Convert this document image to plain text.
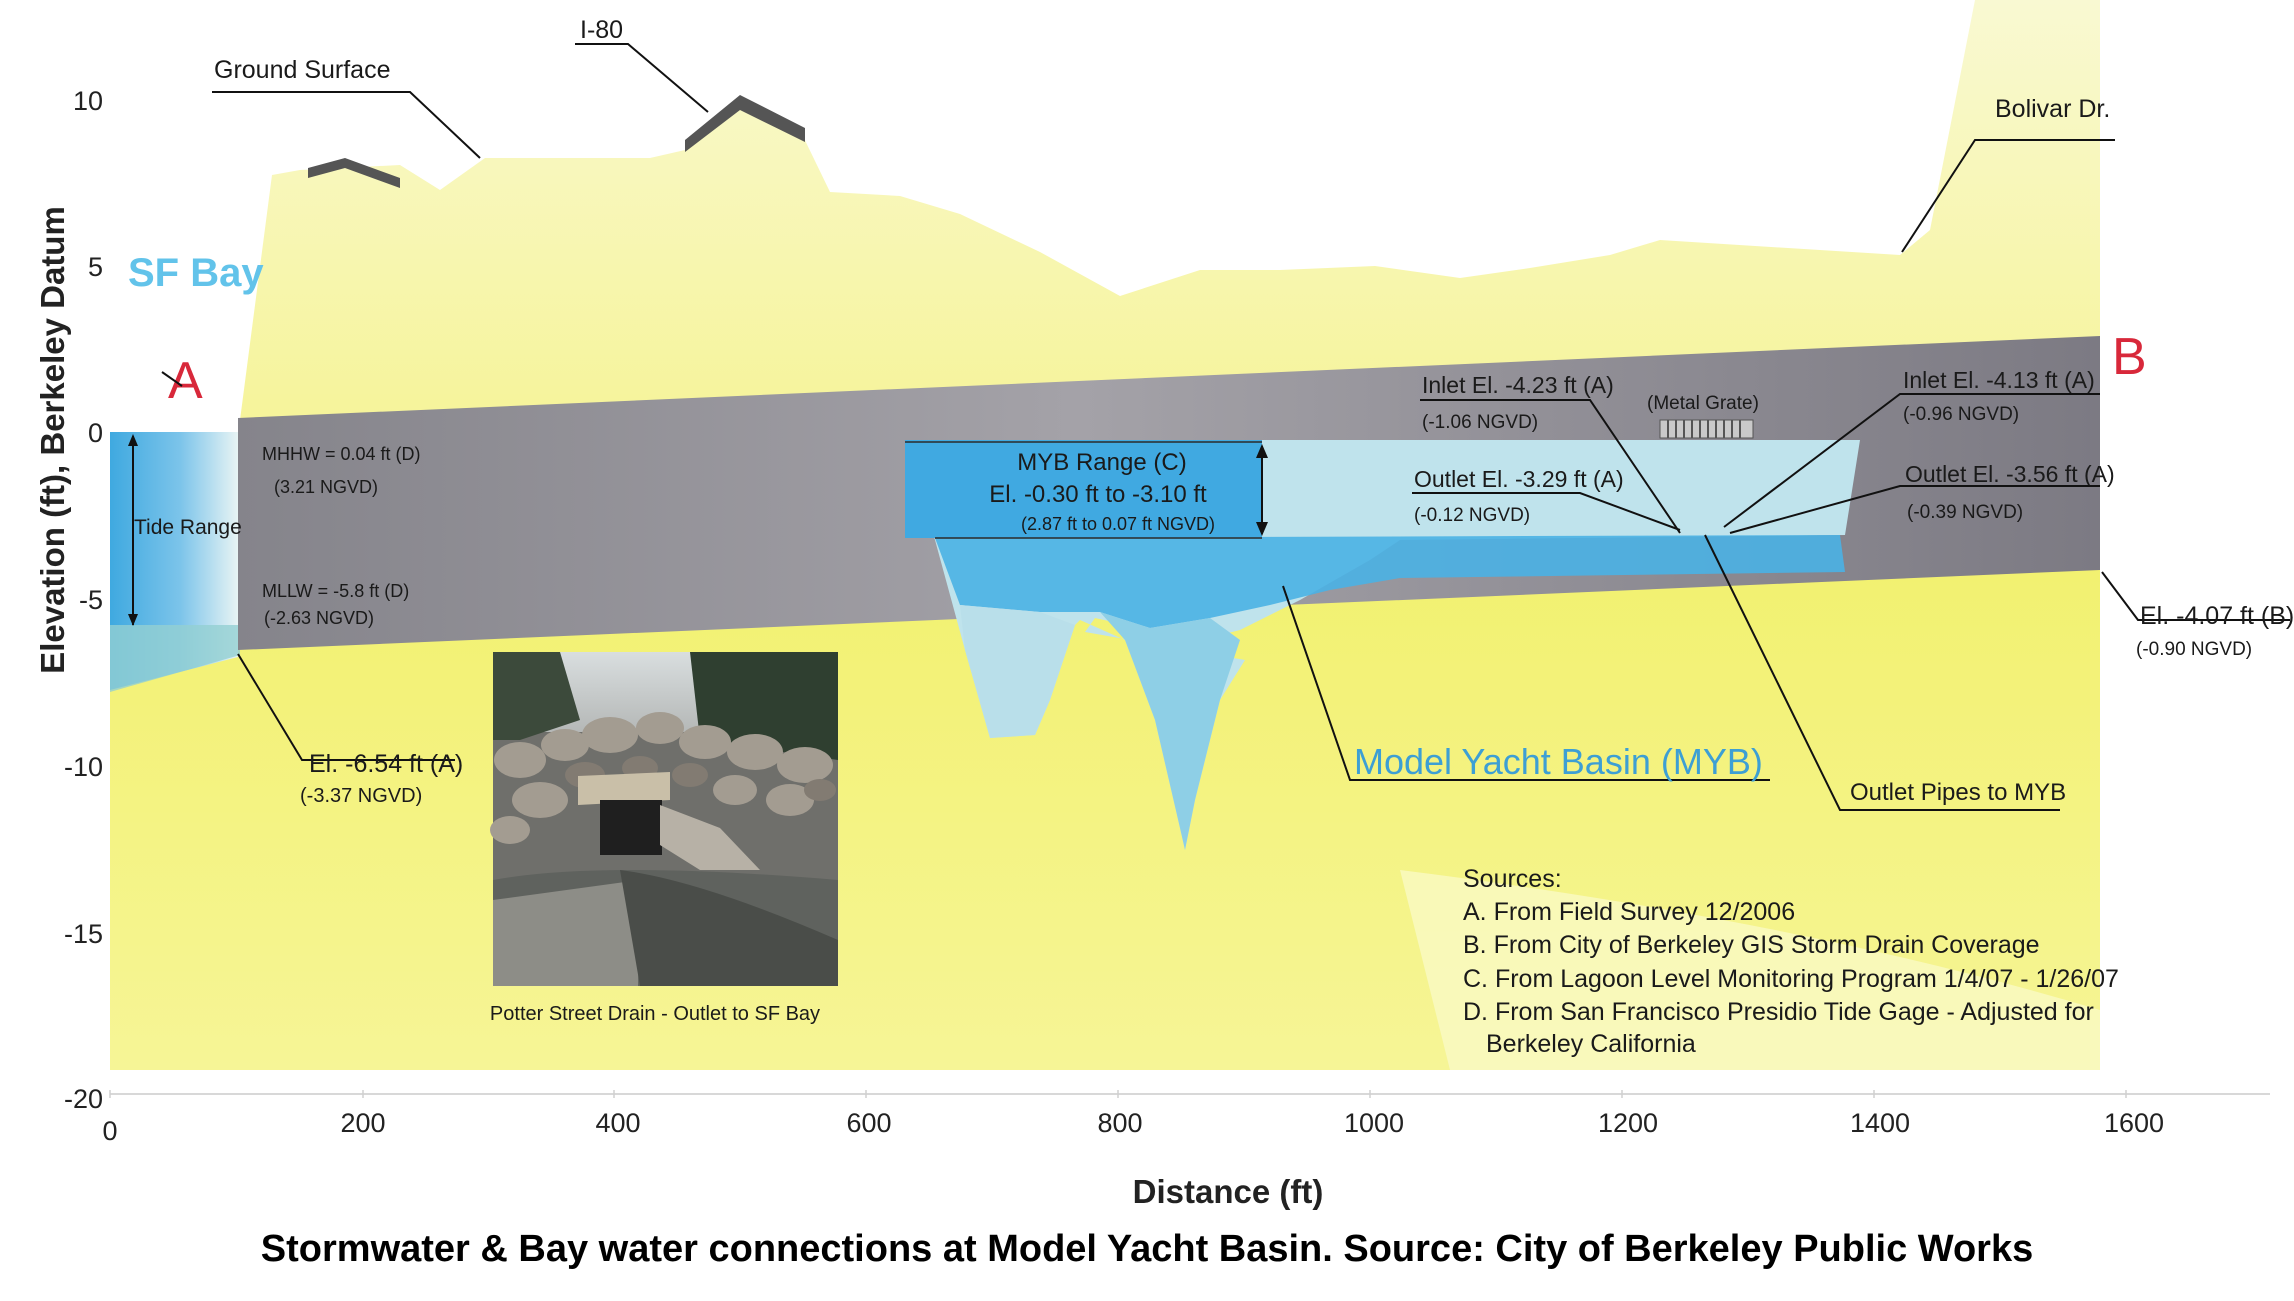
10
5
0
-5
-10
-15
-20
0	200	400	600	800	1000	1200	1400	1600
Elevation (ft), Berkeley Datum
Distance (ft)
Ground Surface
I-80
Bolivar Dr.
SF Bay
A	B
Tide Range
MHHW = 0.04 ft (D)
(3.21 NGVD)
MLLW = -5.8 ft (D)
(-2.63 NGVD)
El. -6.54 ft (A)
(-3.37 NGVD)
MYB Range (C)
El. -0.30 ft to -3.10 ft
(2.87 ft to 0.07 ft NGVD)
Inlet El. -4.23 ft (A)
(-1.06 NGVD)
(Metal Grate)
Outlet El. -3.29 ft (A)
(-0.12 NGVD)
Inlet El. -4.13 ft (A)
(-0.96 NGVD)
Outlet El. -3.56 ft (A)
(-0.39 NGVD)
El. -4.07 ft (B)
(-0.90 NGVD)
Model Yacht Basin (MYB)
Outlet Pipes to MYB
Potter Street Drain - Outlet to SF Bay
Sources:
A. From Field Survey 12/2006
B. From City of Berkeley GIS Storm Drain Coverage
C. From Lagoon Level Monitoring Program 1/4/07 - 1/26/07
D. From San Francisco Presidio Tide Gage - Adjusted for
Berkeley California
Stormwater & Bay water connections at Model Yacht Basin. Source: City of Berkeley Public Works
